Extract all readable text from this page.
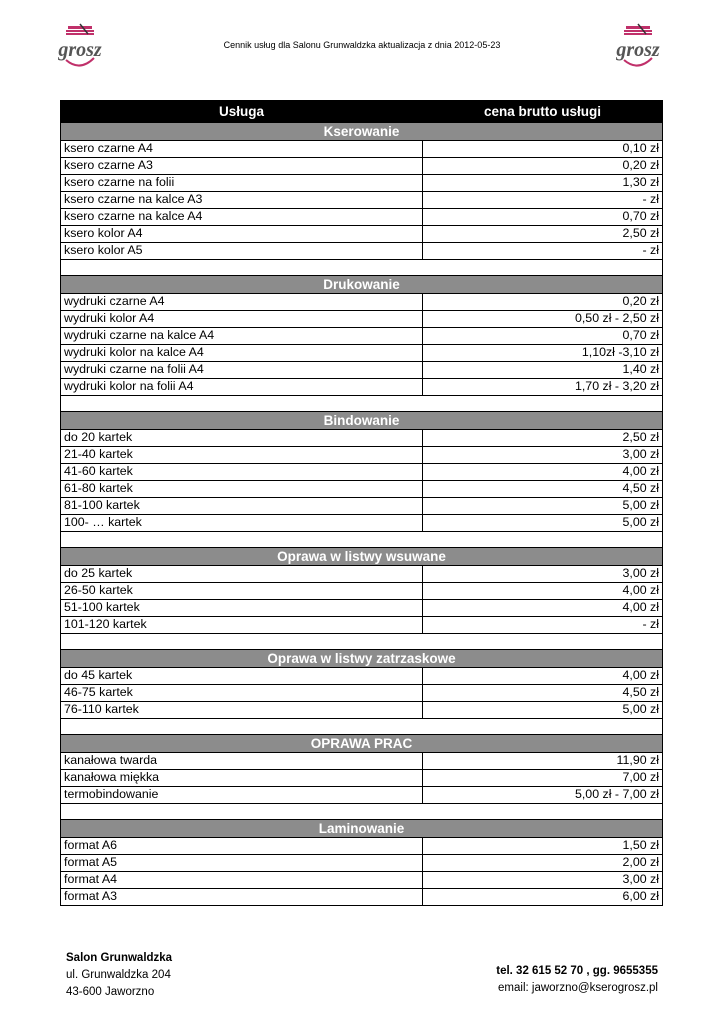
Cennik usług dla Salonu Grunwaldzka aktualizacja z dnia 2012-05-23
grosz	grosz
Usługa	cena brutto usługi
Kserowanie	
ksero czarne A4	0,10 zł
ksero czarne A3	0,20 zł
ksero czarne na folii	1,30 zł
ksero czarne na kalce A3	- zł
ksero czarne na kalce A4	0,70 zł
ksero kolor A4	2,50 zł
ksero kolor A5	- zł

Drukowanie	
wydruki czarne A4	0,20 zł
wydruki kolor A4	0,50 zł - 2,50 zł
wydruki czarne na kalce A4	0,70 zł
wydruki kolor na kalce A4	1,10zł -3,10 zł
wydruki czarne na folii A4	1,40 zł
wydruki kolor na folii A4	1,70 zł - 3,20 zł

Bindowanie	
do 20 kartek	2,50 zł
21-40 kartek	3,00 zł
41-60 kartek	4,00 zł
61-80 kartek	4,50 zł
81-100 kartek	5,00 zł
100- … kartek	5,00 zł

Oprawa w listwy wsuwane	
do 25 kartek	3,00 zł
26-50 kartek	4,00 zł
51-100 kartek	4,00 zł
101-120 kartek	- zł

Oprawa w listwy zatrzaskowe	
do 45 kartek	4,00 zł
46-75 kartek	4,50 zł
76-110 kartek	5,00 zł

OPRAWA PRAC	
kanałowa twarda	11,90 zł
kanałowa miękka	7,00 zł
termobindowanie	5,00 zł - 7,00 zł

Laminowanie	
format A6	1,50 zł
format A5	2,00 zł
format A4	3,00 zł
format A3	6,00 zł
Salon Grunwaldzka
ul. Grunwaldzka 204
43-600 Jaworzno
tel. 32 615 52 70 , gg. 9655355
email: jaworzno@kserogrosz.pl
